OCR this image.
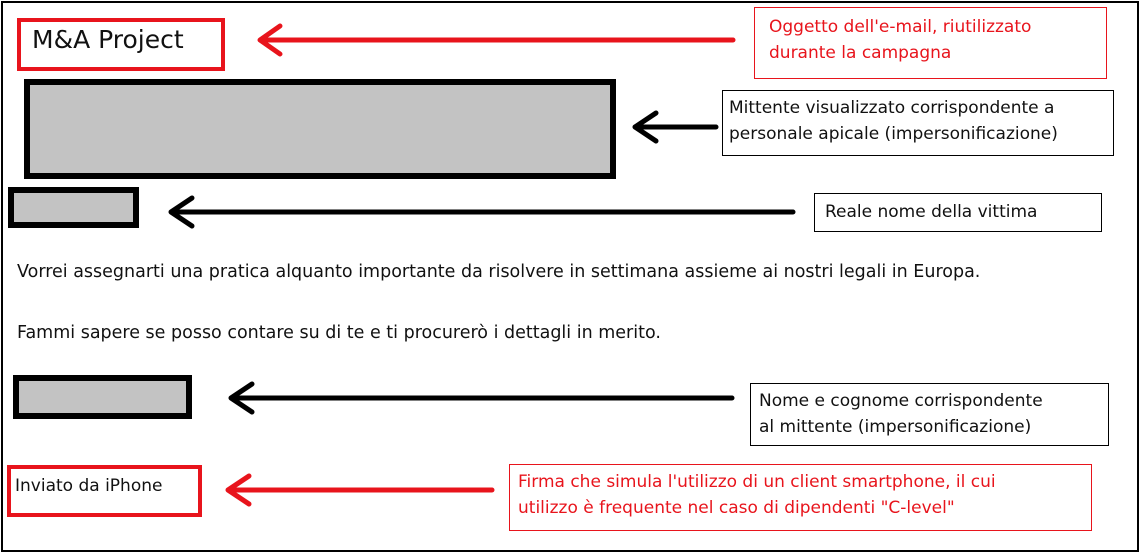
M&A Project
Vorrei assegnarti una pratica alquanto importante da risolvere in settimana assieme ai nostri legali in Europa.
Fammi sapere se posso contare su di te e ti procurerò i dettagli in merito.
Inviato da iPhone
Oggetto dell'e-mail, riutilizzato
durante la campagna
Mittente visualizzato corrispondente a
personale apicale (impersonificazione)
Reale nome della vittima
Nome e cognome corrispondente
al mittente (impersonificazione)
Firma che simula l'utilizzo di un client smartphone, il cui
utilizzo è frequente nel caso di dipendenti "C-level"
